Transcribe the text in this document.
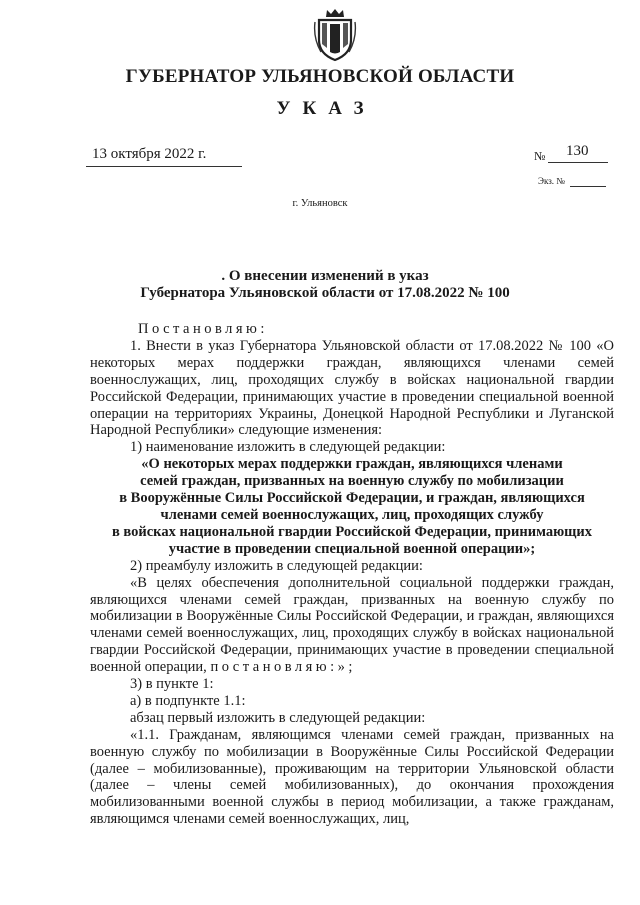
ГУБЕРНАТОР УЛЬЯНОВСКОЙ ОБЛАСТИ
УКАЗ
13 октября 2022 г.	№ 130
Экз. №
г. Ульяновск
. О внесении изменений в указ
Губернатора Ульяновской области от 17.08.2022 № 100

Постановляю:

1. Внести в указ Губернатора Ульяновской области от 17.08.2022 № 100 «О некоторых мерах поддержки граждан, являющихся членами семей военнослужащих, лиц, проходящих службу в войсках национальной гвардии Российской Федерации, принимающих участие в проведении специальной военной операции на территориях Украины, Донецкой Народной Республики и Луганской Народной Республики» следующие изменения:

1) наименование изложить в следующей редакции:

«О некоторых мерах поддержки граждан, являющихся членами
семей граждан, призванных на военную службу по мобилизации
в Вооружённые Силы Российской Федерации, и граждан, являющихся
членами семей военнослужащих, лиц, проходящих службу
в войсках национальной гвардии Российской Федерации, принимающих
участие в проведении специальной военной операции»;

2) преамбулу изложить в следующей редакции:

«В целях обеспечения дополнительной социальной поддержки граждан, являющихся членами семей граждан, призванных на военную службу по мобилизации в Вооружённые Силы Российской Федерации, и граждан, являющихся членами семей военнослужащих, лиц, проходящих службу в войсках национальной гвардии Российской Федерации, принимающих участие в проведении специальной военной операции, постановляю:»;

3) в пункте 1:

а) в подпункте 1.1:

абзац первый изложить в следующей редакции:

«1.1. Гражданам, являющимся членами семей граждан, призванных на военную службу по мобилизации в Вооружённые Силы Российской Федерации (далее – мобилизованные), проживающим на территории Ульяновской области (далее – члены семей мобилизованных), до окончания прохождения мобилизованными военной службы в период мобилизации, а также гражданам, являющимся членами семей военнослужащих, лиц,
